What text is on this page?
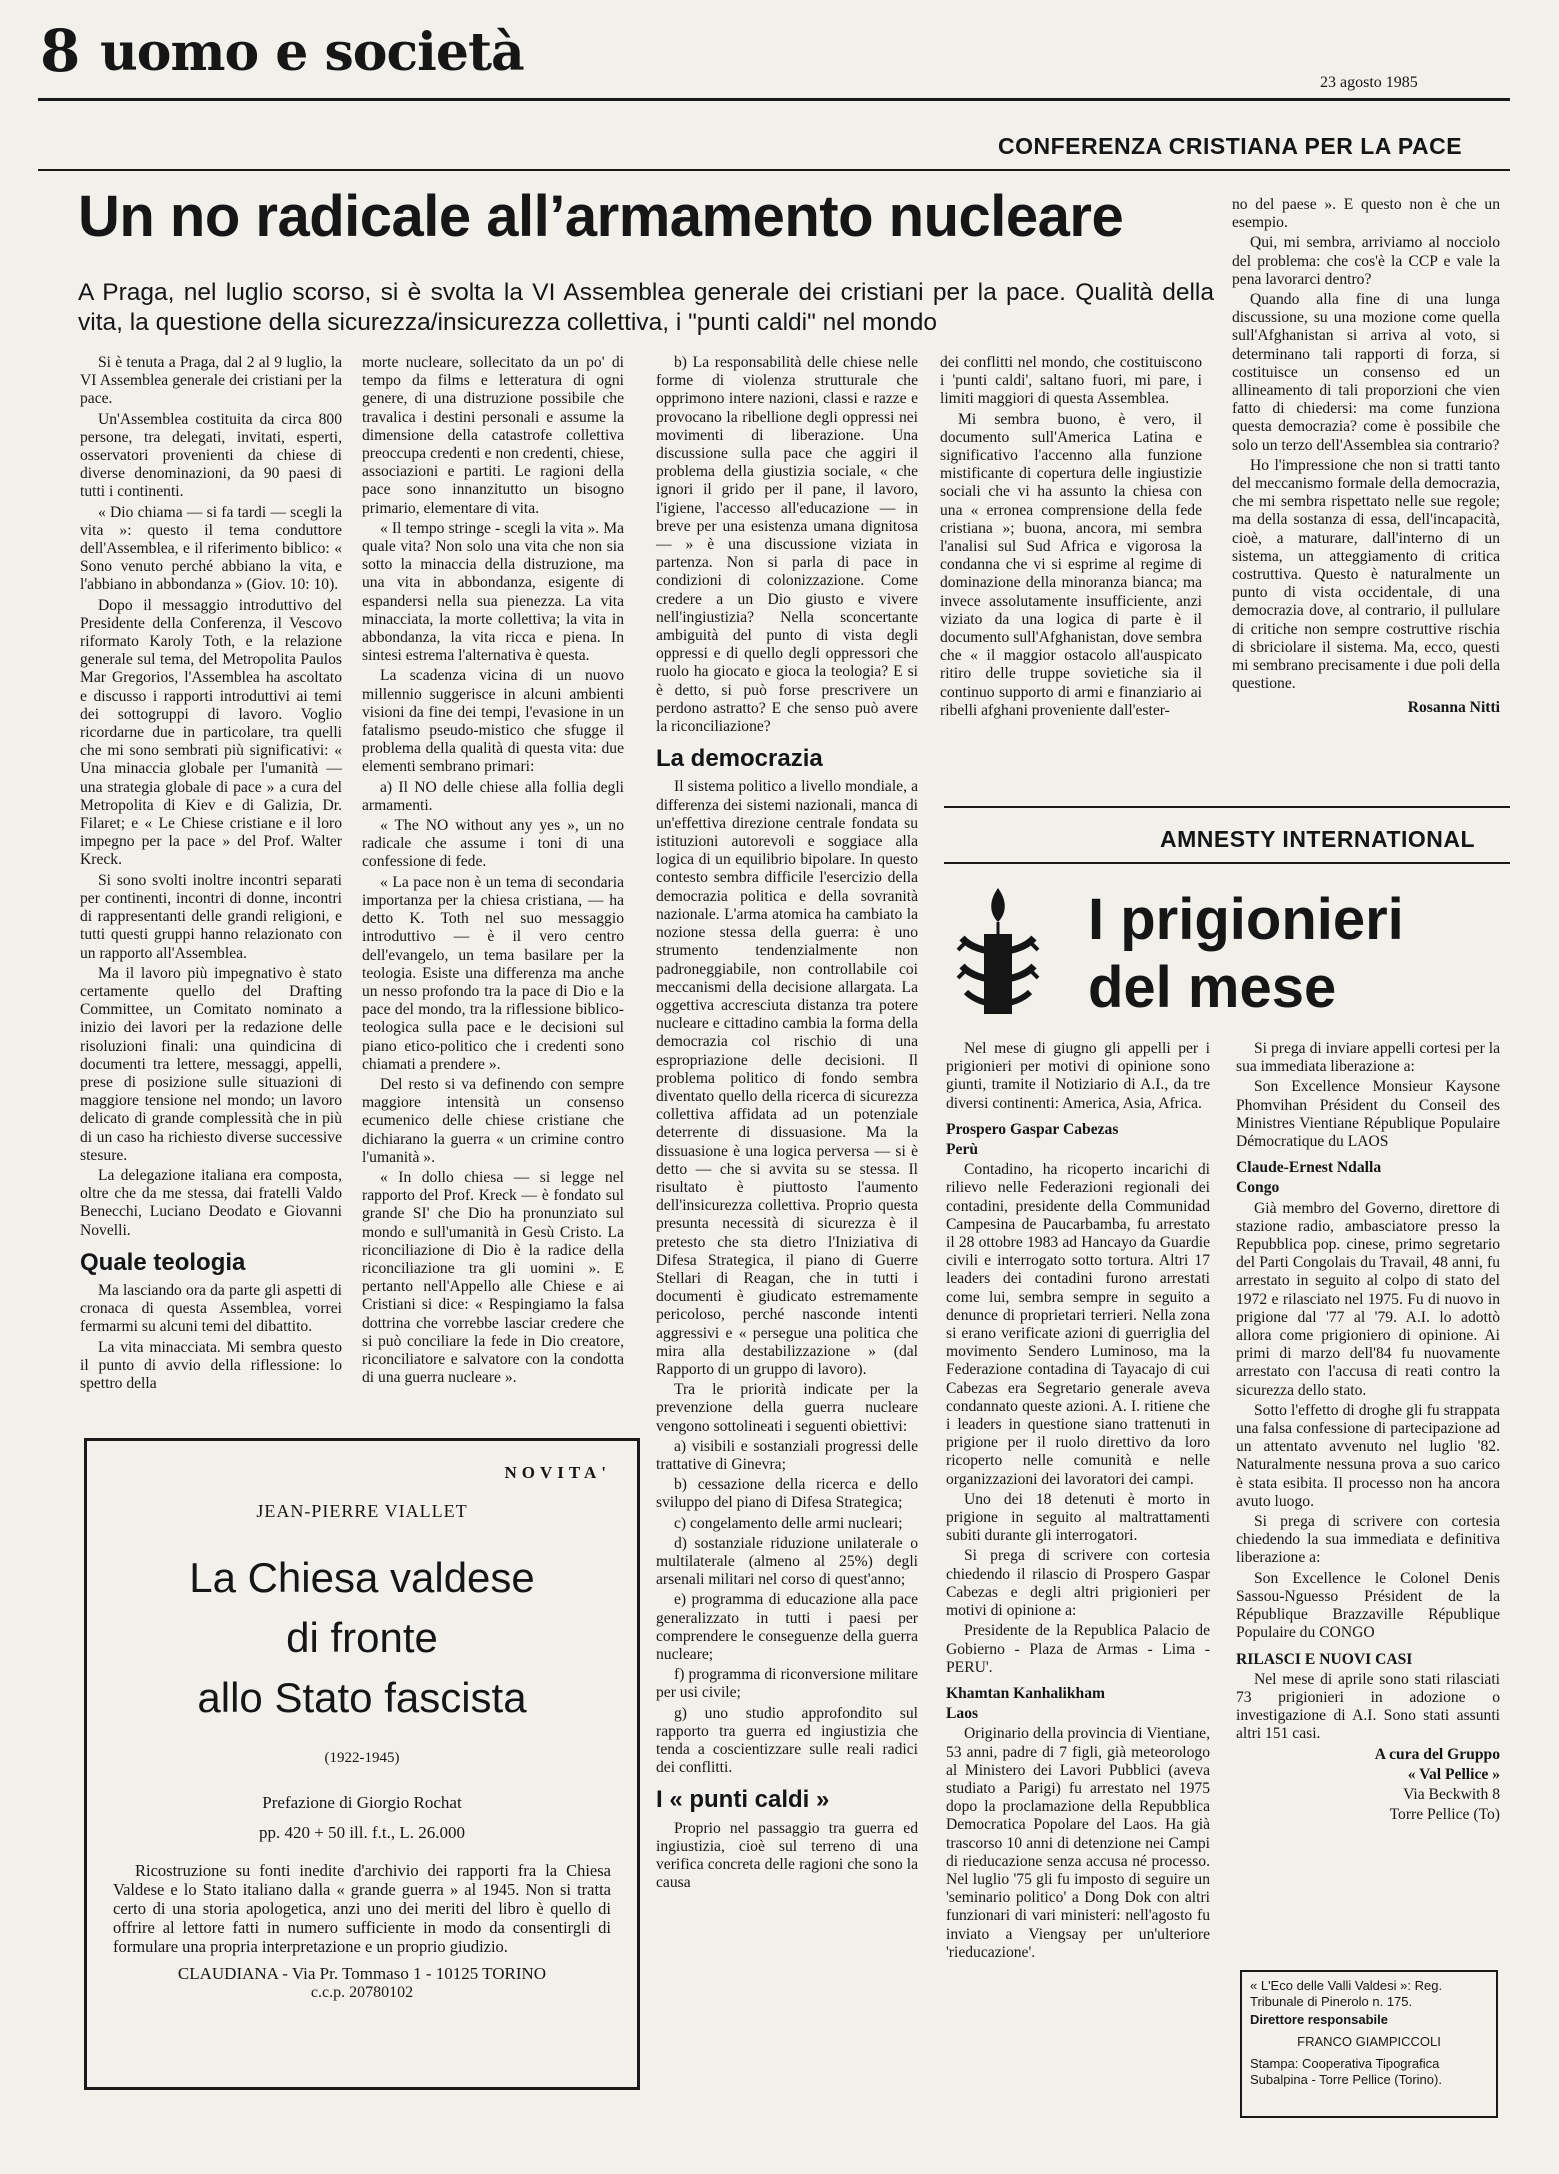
8 uomo e società	23 agosto 1985
CONFERENZA CRISTIANA PER LA PACE
Un no radicale all’armamento nucleare
A Praga, nel luglio scorso, si è svolta la VI Assemblea generale dei cristiani per la pace. Qualità della vita, la questione della sicurezza/insicurezza collettiva, i "punti caldi" nel mondo

Si è tenuta a Praga, dal 2 al 9 luglio, la VI Assemblea generale dei cristiani per la pace.

Un'Assemblea costituita da circa 800 persone, tra delegati, invitati, esperti, osservatori provenienti da chiese di diverse denominazioni, da 90 paesi di tutti i continenti.

« Dio chiama — si fa tardi — scegli la vita »: questo il tema conduttore dell'Assemblea, e il riferimento biblico: « Sono venuto perché abbiano la vita, e l'abbiano in abbondanza » (Giov. 10: 10).

Dopo il messaggio introduttivo del Presidente della Conferenza, il Vescovo riformato Karoly Toth, e la relazione generale sul tema, del Metropolita Paulos Mar Gregorios, l'Assemblea ha ascoltato e discusso i rapporti introduttivi ai temi dei sottogruppi di lavoro. Voglio ricordarne due in particolare, tra quelli che mi sono sembrati più significativi: « Una minaccia globale per l'umanità — una strategia globale di pace » a cura del Metropolita di Kiev e di Galizia, Dr. Filaret; e « Le Chiese cristiane e il loro impegno per la pace » del Prof. Walter Kreck.

Si sono svolti inoltre incontri separati per continenti, incontri di donne, incontri di rappresentanti delle grandi religioni, e tutti questi gruppi hanno relazionato con un rapporto all'Assemblea.

Ma il lavoro più impegnativo è stato certamente quello del Drafting Committee, un Comitato nominato a inizio dei lavori per la redazione delle risoluzioni finali: una quindicina di documenti tra lettere, messaggi, appelli, prese di posizione sulle situazioni di maggiore tensione nel mondo; un lavoro delicato di grande complessità che in più di un caso ha richiesto diverse successive stesure.

La delegazione italiana era composta, oltre che da me stessa, dai fratelli Valdo Benecchi, Luciano Deodato e Giovanni Novelli.

Quale teologia

Ma lasciando ora da parte gli aspetti di cronaca di questa Assemblea, vorrei fermarmi su alcuni temi del dibattito.

La vita minacciata. Mi sembra questo il punto di avvio della riflessione: lo spettro della

morte nucleare, sollecitato da un po' di tempo da films e letteratura di ogni genere, di una distruzione possibile che travalica i destini personali e assume la dimensione della catastrofe collettiva preoccupa credenti e non credenti, chiese, associazioni e partiti. Le ragioni della pace sono innanzitutto un bisogno primario, elementare di vita.

« Il tempo stringe - scegli la vita ». Ma quale vita? Non solo una vita che non sia sotto la minaccia della distruzione, ma una vita in abbondanza, esigente di espandersi nella sua pienezza. La vita minacciata, la morte collettiva; la vita in abbondanza, la vita ricca e piena. In sintesi estrema l'alternativa è questa.

La scadenza vicina di un nuovo millennio suggerisce in alcuni ambienti visioni da fine dei tempi, l'evasione in un fatalismo pseudo-mistico che sfugge il problema della qualità di questa vita: due elementi sembrano primari:

a) Il NO delle chiese alla follia degli armamenti.

« The NO without any yes », un no radicale che assume i toni di una confessione di fede.

« La pace non è un tema di secondaria importanza per la chiesa cristiana, — ha detto K. Toth nel suo messaggio introduttivo — è il vero centro dell'evangelo, un tema basilare per la teologia. Esiste una differenza ma anche un nesso profondo tra la pace di Dio e la pace del mondo, tra la riflessione biblico-teologica sulla pace e le decisioni sul piano etico-politico che i credenti sono chiamati a prendere ».

Del resto si va definendo con sempre maggiore intensità un consenso ecumenico delle chiese cristiane che dichiarano la guerra « un crimine contro l'umanità ».

« In dollo chiesa — si legge nel rapporto del Prof. Kreck — è fondato sul grande SI' che Dio ha pronunziato sul mondo e sull'umanità in Gesù Cristo. La riconciliazione di Dio è la radice della riconciliazione tra gli uomini ». E pertanto nell'Appello alle Chiese e ai Cristiani si dice: « Respingiamo la falsa dottrina che vorrebbe lasciar credere che si può conciliare la fede in Dio creatore, riconciliatore e salvatore con la condotta di una guerra nucleare ».

b) La responsabilità delle chiese nelle forme di violenza strutturale che opprimono intere nazioni, classi e razze e provocano la ribellione degli oppressi nei movimenti di liberazione. Una discussione sulla pace che aggiri il problema della giustizia sociale, « che ignori il grido per il pane, il lavoro, l'igiene, l'accesso all'educazione — in breve per una esistenza umana dignitosa — » è una discussione viziata in partenza. Non si parla di pace in condizioni di colonizzazione. Come credere a un Dio giusto e vivere nell'ingiustizia? Nella sconcertante ambiguità del punto di vista degli oppressi e di quello degli oppressori che ruolo ha giocato e gioca la teologia? E si è detto, si può forse prescrivere un perdono astratto? E che senso può avere la riconciliazione?

La democrazia

Il sistema politico a livello mondiale, a differenza dei sistemi nazionali, manca di un'effettiva direzione centrale fondata su istituzioni autorevoli e soggiace alla logica di un equilibrio bipolare. In questo contesto sembra difficile l'esercizio della democrazia politica e della sovranità nazionale. L'arma atomica ha cambiato la nozione stessa della guerra: è uno strumento tendenzialmente non padroneggiabile, non controllabile coi meccanismi della decisione allargata. La oggettiva accresciuta distanza tra potere nucleare e cittadino cambia la forma della democrazia col rischio di una espropriazione delle decisioni. Il problema politico di fondo sembra diventato quello della ricerca di sicurezza collettiva affidata ad un potenziale deterrente di dissuasione. Ma la dissuasione è una logica perversa — si è detto — che si avvita su se stessa. Il risultato è piuttosto l'aumento dell'insicurezza collettiva. Proprio questa presunta necessità di sicurezza è il pretesto che sta dietro l'Iniziativa di Difesa Strategica, il piano di Guerre Stellari di Reagan, che in tutti i documenti è giudicato estremamente pericoloso, perché nasconde intenti aggressivi e « persegue una politica che mira alla destabilizzazione » (dal Rapporto di un gruppo di lavoro).

Tra le priorità indicate per la prevenzione della guerra nucleare vengono sottolineati i seguenti obiettivi:

a) visibili e sostanziali progressi delle trattative di Ginevra;

b) cessazione della ricerca e dello sviluppo del piano di Difesa Strategica;

c) congelamento delle armi nucleari;

d) sostanziale riduzione unilaterale o multilaterale (almeno al 25%) degli arsenali militari nel corso di quest'anno;

e) programma di educazione alla pace generalizzato in tutti i paesi per comprendere le conseguenze della guerra nucleare;

f) programma di riconversione militare per usi civile;

g) uno studio approfondito sul rapporto tra guerra ed ingiustizia che tenda a coscientizzare sulle reali radici dei conflitti.

I « punti caldi »

Proprio nel passaggio tra guerra ed ingiustizia, cioè sul terreno di una verifica concreta delle ragioni che sono la causa

dei conflitti nel mondo, che costituiscono i 'punti caldi', saltano fuori, mi pare, i limiti maggiori di questa Assemblea.

Mi sembra buono, è vero, il documento sull'America Latina e significativo l'accenno alla funzione mistificante di copertura delle ingiustizie sociali che vi ha assunto la chiesa con una « erronea comprensione della fede cristiana »; buona, ancora, mi sembra l'analisi sul Sud Africa e vigorosa la condanna che vi si esprime al regime di dominazione della minoranza bianca; ma invece assolutamente insufficiente, anzi viziato da una logica di parte è il documento sull'Afghanistan, dove sembra che « il maggior ostacolo all'auspicato ritiro delle truppe sovietiche sia il continuo supporto di armi e finanziario ai ribelli afghani proveniente dall'ester-

no del paese ». E questo non è che un esempio.

Qui, mi sembra, arriviamo al nocciolo del problema: che cos'è la CCP e vale la pena lavorarci dentro?

Quando alla fine di una lunga discussione, su una mozione come quella sull'Afghanistan si arriva al voto, si determinano tali rapporti di forza, si costituisce un consenso ed un allineamento di tali proporzioni che vien fatto di chiedersi: ma come funziona questa democrazia? come è possibile che solo un terzo dell'Assemblea sia contrario?

Ho l'impressione che non si tratti tanto del meccanismo formale della democrazia, che mi sembra rispettato nelle sue regole; ma della sostanza di essa, dell'incapacità, cioè, a maturare, dall'interno di un sistema, un atteggiamento di critica costruttiva. Questo è naturalmente un punto di vista occidentale, di una democrazia dove, al contrario, il pullulare di critiche non sempre costruttive rischia di sbriciolare il sistema. Ma, ecco, questi mi sembrano precisamente i due poli della questione.

Rosanna Nitti

AMNESTY INTERNATIONAL
I prigionieri
del mese

Nel mese di giugno gli appelli per i prigionieri per motivi di opinione sono giunti, tramite il Notiziario di A.I., da tre diversi continenti: America, Asia, Africa.

Prospero Gaspar Cabezas

Perù

Contadino, ha ricoperto incarichi di rilievo nelle Federazioni regionali dei contadini, presidente della Communidad Campesina de Paucarbamba, fu arrestato il 28 ottobre 1983 ad Hancayo da Guardie civili e interrogato sotto tortura. Altri 17 leaders dei contadini furono arrestati come lui, sembra sempre in seguito a denunce di proprietari terrieri. Nella zona si erano verificate azioni di guerriglia del movimento Sendero Luminoso, ma la Federazione contadina di Tayacajo di cui Cabezas era Segretario generale aveva condannato queste azioni. A. I. ritiene che i leaders in questione siano trattenuti in prigione per il ruolo direttivo da loro ricoperto nelle comunità e nelle organizzazioni dei lavoratori dei campi.

Uno dei 18 detenuti è morto in prigione in seguito al maltrattamenti subiti durante gli interrogatori.

Si prega di scrivere con cortesia chiedendo il rilascio di Prospero Gaspar Cabezas e degli altri prigionieri per motivi di opinione a:

Presidente de la Republica Palacio de Gobierno - Plaza de Armas - Lima - PERU'.

Khamtan Kanhalikham

Laos

Originario della provincia di Vientiane, 53 anni, padre di 7 figli, già meteorologo al Ministero dei Lavori Pubblici (aveva studiato a Parigi) fu arrestato nel 1975 dopo la proclamazione della Repubblica Democratica Popolare del Laos. Ha già trascorso 10 anni di detenzione nei Campi di rieducazione senza accusa né processo. Nel luglio '75 gli fu imposto di seguire un 'seminario politico' a Dong Dok con altri funzionari di vari ministeri: nell'agosto fu inviato a Viengsay per un'ulteriore 'rieducazione'.

Si prega di inviare appelli cortesi per la sua immediata liberazione a:

Son Excellence Monsieur Kaysone Phomvihan Président du Conseil des Ministres Vientiane République Populaire Démocratique du LAOS

Claude-Ernest Ndalla

Congo

Già membro del Governo, direttore di stazione radio, ambasciatore presso la Repubblica pop. cinese, primo segretario del Parti Congolais du Travail, 48 anni, fu arrestato in seguito al colpo di stato del 1972 e rilasciato nel 1975. Fu di nuovo in prigione dal '77 al '79. A.I. lo adottò allora come prigioniero di opinione. Ai primi di marzo dell'84 fu nuovamente arrestato con l'accusa di reati contro la sicurezza dello stato.

Sotto l'effetto di droghe gli fu strappata una falsa confessione di partecipazione ad un attentato avvenuto nel luglio '82. Naturalmente nessuna prova a suo carico è stata esibita. Il processo non ha ancora avuto luogo.

Si prega di scrivere con cortesia chiedendo la sua immediata e definitiva liberazione a:

Son Excellence le Colonel Denis Sassou-Nguesso Président de la République Brazzaville République Populaire du CONGO

RILASCI E NUOVI CASI

Nel mese di aprile sono stati rilasciati 73 prigionieri in adozione o investigazione di A.I. Sono stati assunti altri 151 casi.

A cura del Gruppo

« Val Pellice »

Via Beckwith 8

Torre Pellice (To)

« L'Eco delle Valli Valdesi »: Reg. Tribunale di Pinerolo n. 175.
Direttore responsabile
FRANCO GIAMPICCOLI
Stampa: Cooperativa Tipografica Subalpina - Torre Pellice (Torino).
NOVITA'
JEAN-PIERRE VIALLET
La Chiesa valdese
di fronte
allo Stato fascista
(1922-1945)
Prefazione di Giorgio Rochat
pp. 420 + 50 ill. f.t., L. 26.000
Ricostruzione su fonti inedite d'archivio dei rapporti fra la Chiesa Valdese e lo Stato italiano dalla « grande guerra » al 1945. Non si tratta certo di una storia apologetica, anzi uno dei meriti del libro è quello di offrire al lettore fatti in numero sufficiente in modo da consentirgli di formulare una propria interpretazione e un proprio giudizio.
CLAUDIANA - Via Pr. Tommaso 1 - 10125 TORINO
c.c.p. 20780102
